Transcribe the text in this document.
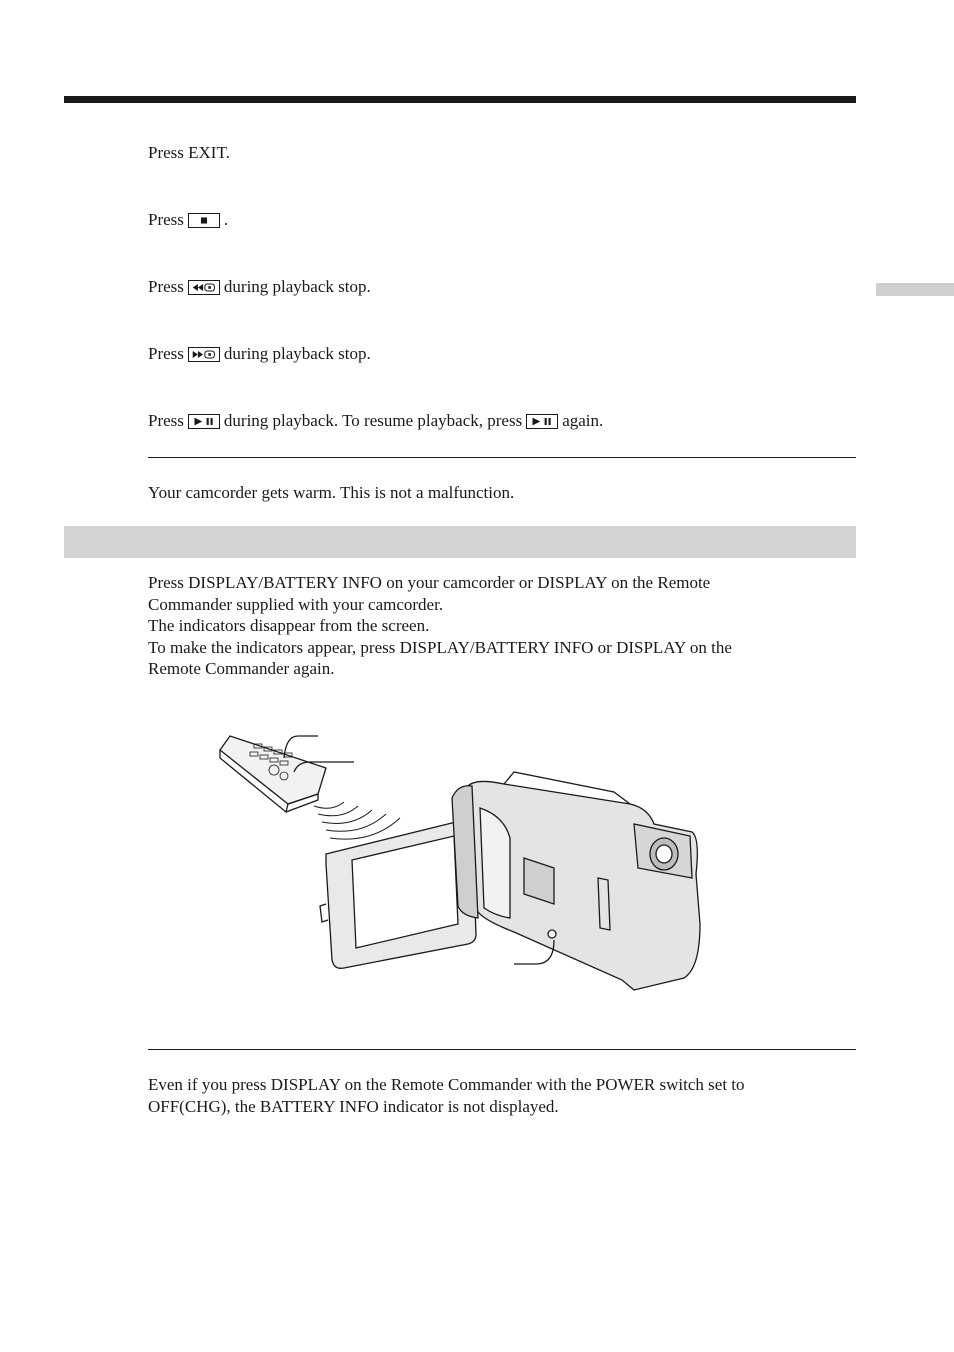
Press EXIT.
Press .
Press during playback stop.
Press during playback stop.
Press during playback. To resume playback, press again.
Your camcorder gets warm. This is not a malfunction.
Press DISPLAY/BATTERY INFO on your camcorder or DISPLAY on the Remote
Commander supplied with your camcorder.
The indicators disappear from the screen.
To make the indicators appear, press DISPLAY/BATTERY INFO or DISPLAY on the
Remote Commander again.
Even if you press DISPLAY on the Remote Commander with the POWER switch set to
OFF(CHG), the BATTERY INFO indicator is not displayed.
